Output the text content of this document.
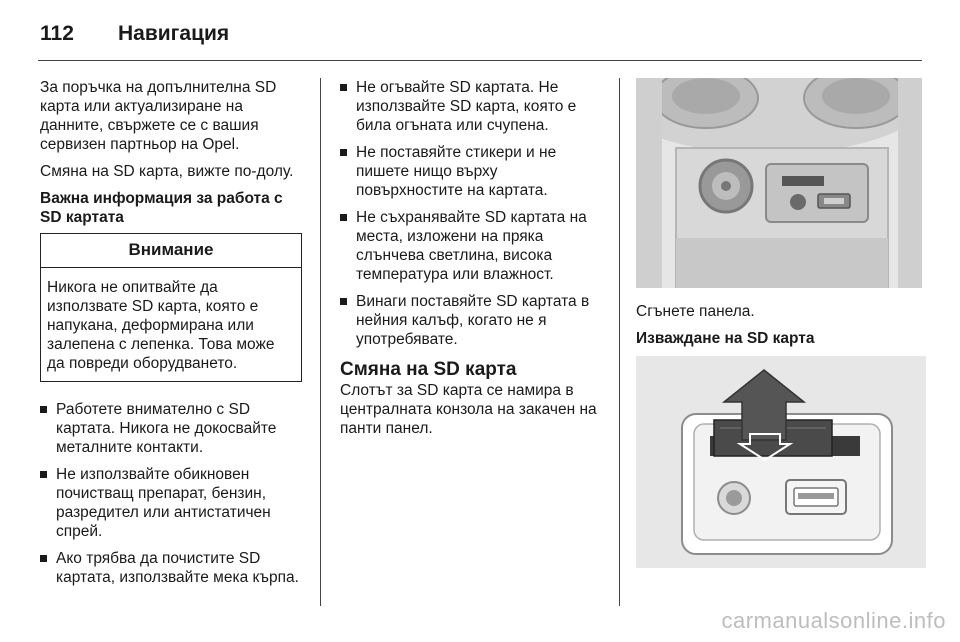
112	Навигация

За поръчка на допълнителна SD карта или актуализиране на данните, свържете се с вашия сервизен партньор на Opel.

Смяна на SD карта, вижте по-долу.

Важна информация за работа с SD картата
Внимание
Никога не опитвайте да използвате SD карта, която е напукана, деформирана или залепена с лепенка. Това може да повреди оборудването.
Работете внимателно с SD картата. Никога не докосвайте металните контакти.
Не използвайте обикновен почистващ препарат, бензин, разредител или антистатичен спрей.
Ако трябва да почистите SD картата, използвайте мека кърпа.
Не огъвайте SD картата. Не използвайте SD карта, която е била огъната или счупена.
Не поставяйте стикери и не пишете нищо върху повърхностите на картата.
Не съхранявайте SD картата на места, изложени на пряка слънчева светлина, висока температура или влажност.
Винаги поставяйте SD картата в нейния калъф, когато не я употребявате.
Смяна на SD карта

Слотът за SD карта се намира в централната конзола на закачен на панти панел.

Сгънете панела.

Изваждане на SD карта
carmanualsonline.info
